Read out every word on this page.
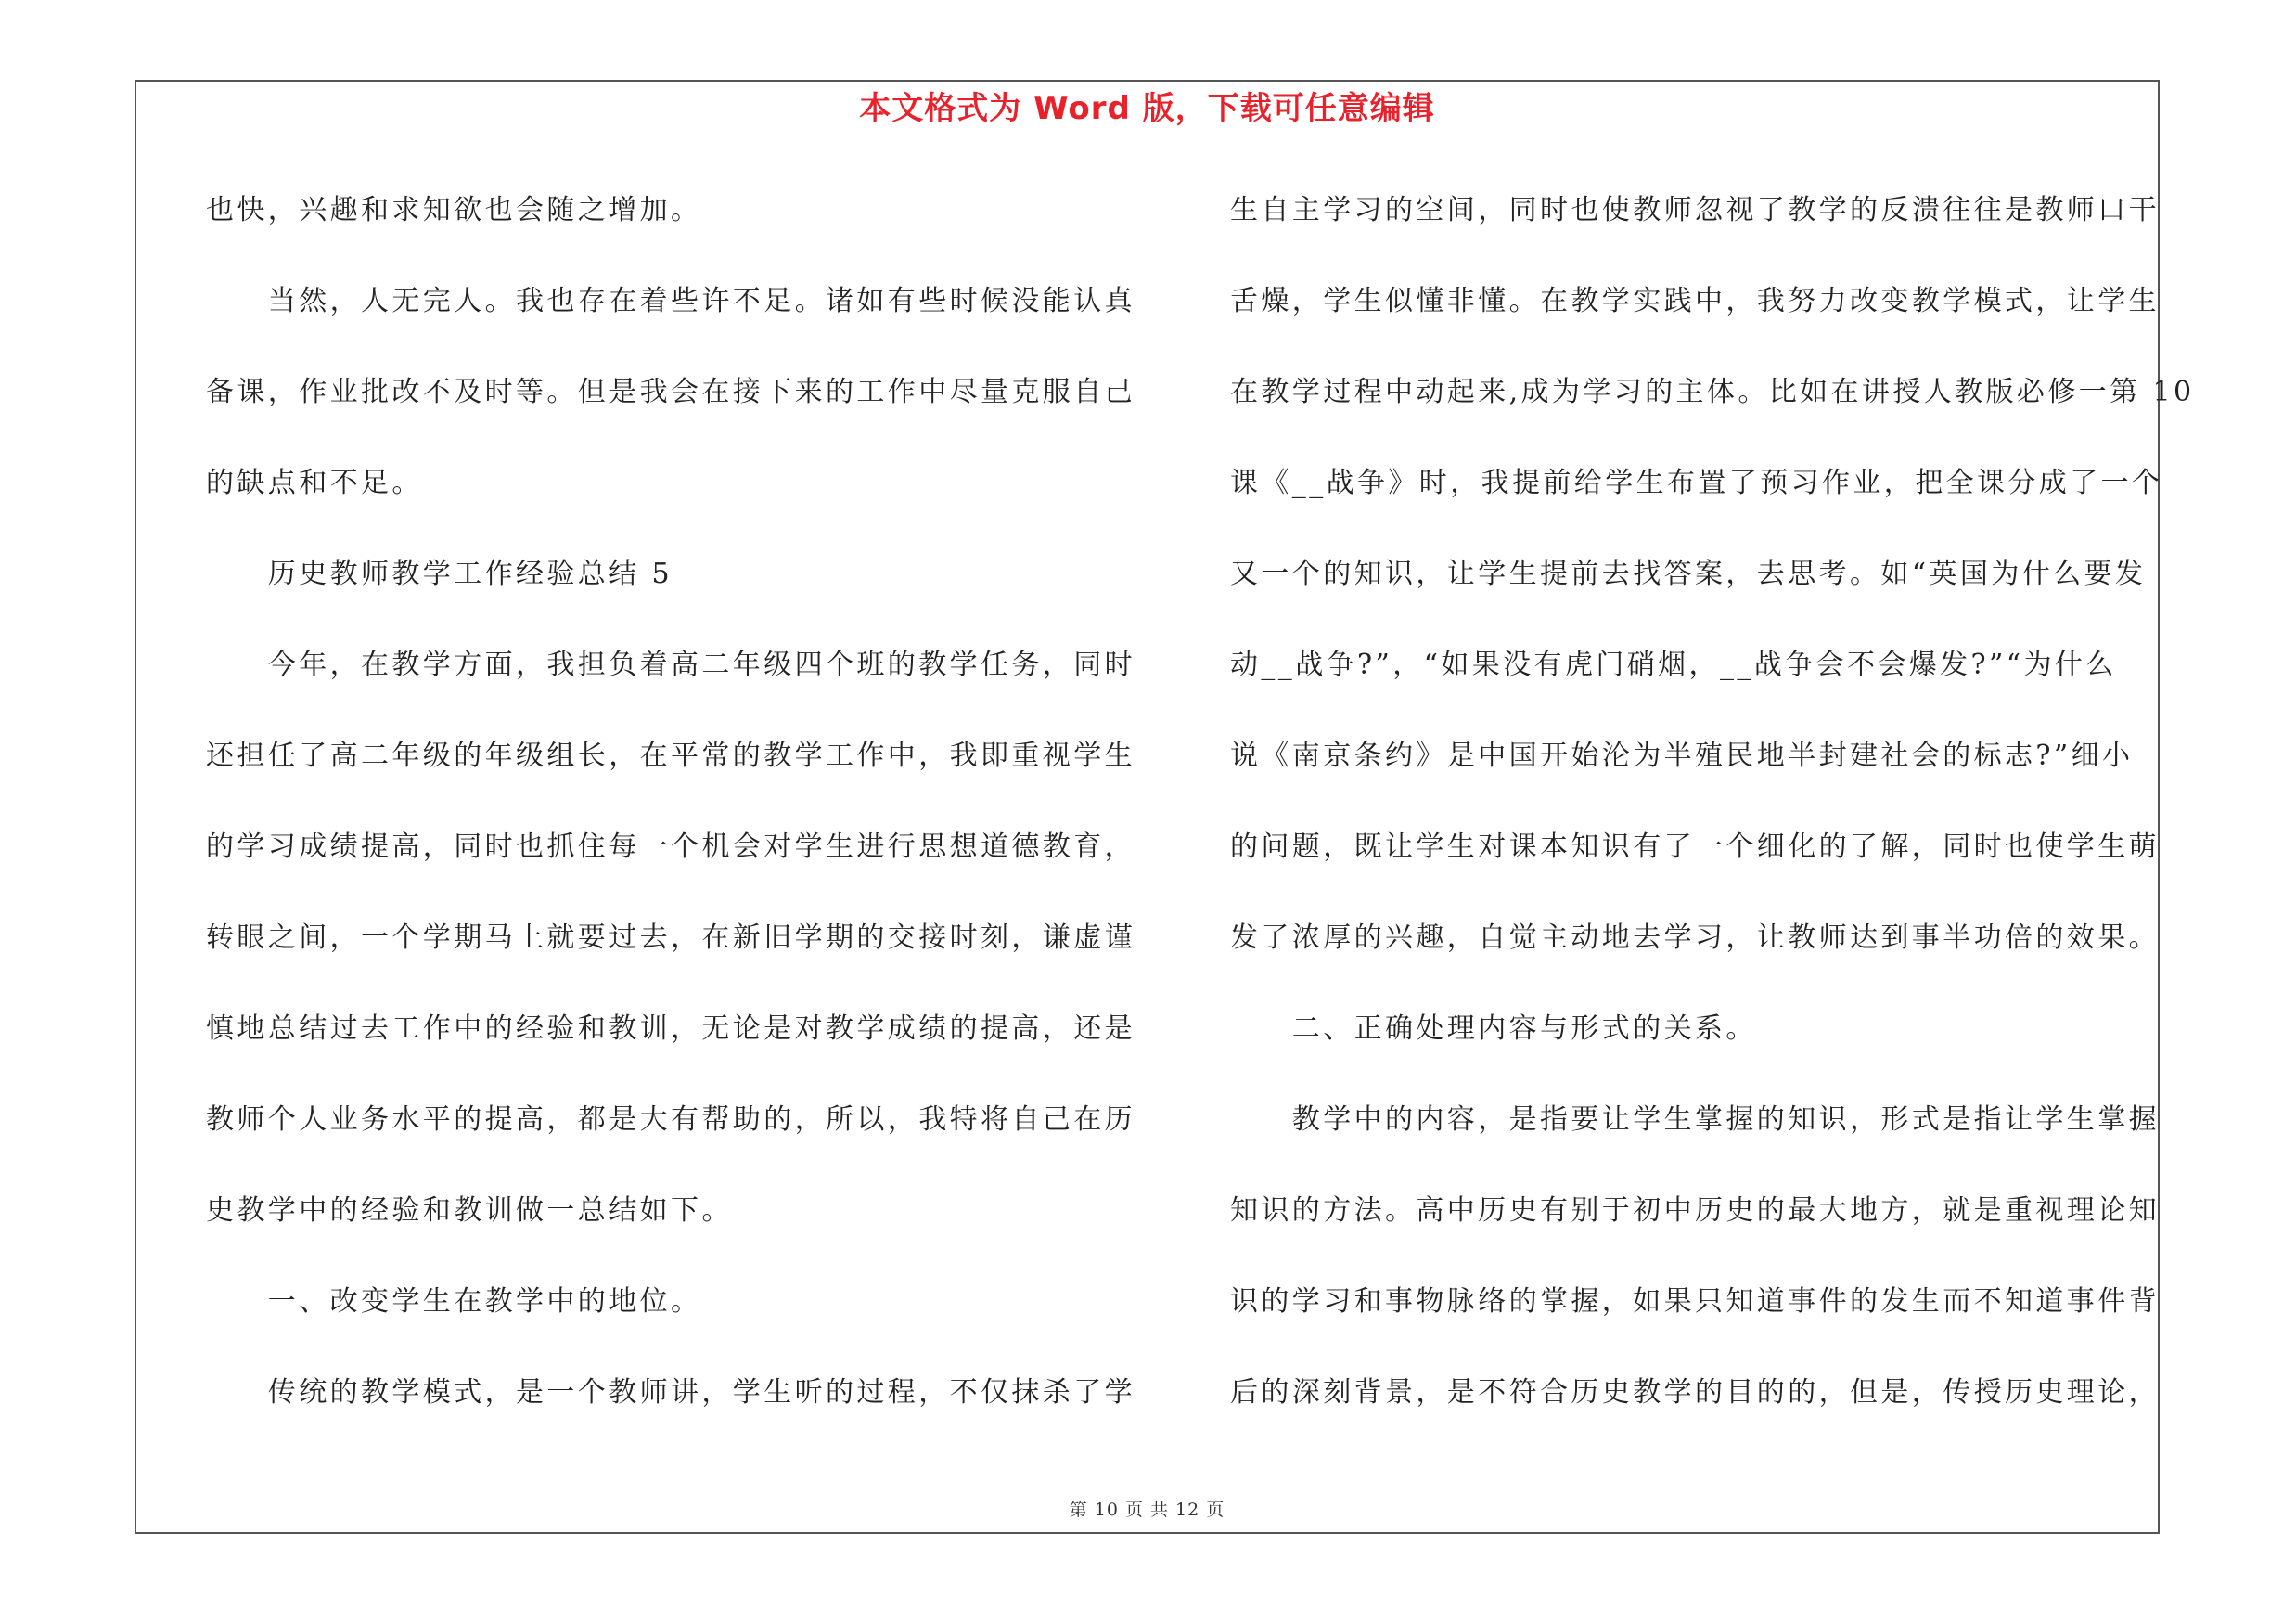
本文格式为 Word 版，下载可任意编辑
也快，兴趣和求知欲也会随之增加。
　　当然，人无完人。我也存在着些许不足。诸如有些时候没能认真
备课，作业批改不及时等。但是我会在接下来的工作中尽量克服自己
的缺点和不足。
　　历史教师教学工作经验总结 5
　　今年，在教学方面，我担负着高二年级四个班的教学任务，同时
还担任了高二年级的年级组长，在平常的教学工作中，我即重视学生
的学习成绩提高，同时也抓住每一个机会对学生进行思想道德教育，
转眼之间，一个学期马上就要过去，在新旧学期的交接时刻，谦虚谨
慎地总结过去工作中的经验和教训，无论是对教学成绩的提高，还是
教师个人业务水平的提高，都是大有帮助的，所以，我特将自己在历
史教学中的经验和教训做一总结如下。
　　一、改变学生在教学中的地位。
　　传统的教学模式，是一个教师讲，学生听的过程，不仅抹杀了学
生自主学习的空间，同时也使教师忽视了教学的反溃往往是教师口干
舌燥，学生似懂非懂。在教学实践中，我努力改变教学模式，让学生
在教学过程中动起来,成为学习的主体。比如在讲授人教版必修一第 10
课《__战争》时，我提前给学生布置了预习作业，把全课分成了一个
又一个的知识，让学生提前去找答案，去思考。如“英国为什么要发
动__战争?”，“如果没有虎门硝烟，__战争会不会爆发?”“为什么
说《南京条约》是中国开始沦为半殖民地半封建社会的标志?”细小
的问题，既让学生对课本知识有了一个细化的了解，同时也使学生萌
发了浓厚的兴趣，自觉主动地去学习，让教师达到事半功倍的效果。
　　二、正确处理内容与形式的关系。
　　教学中的内容，是指要让学生掌握的知识，形式是指让学生掌握
知识的方法。高中历史有别于初中历史的最大地方，就是重视理论知
识的学习和事物脉络的掌握，如果只知道事件的发生而不知道事件背
后的深刻背景，是不符合历史教学的目的的，但是，传授历史理论，
第 10 页 共 12 页
